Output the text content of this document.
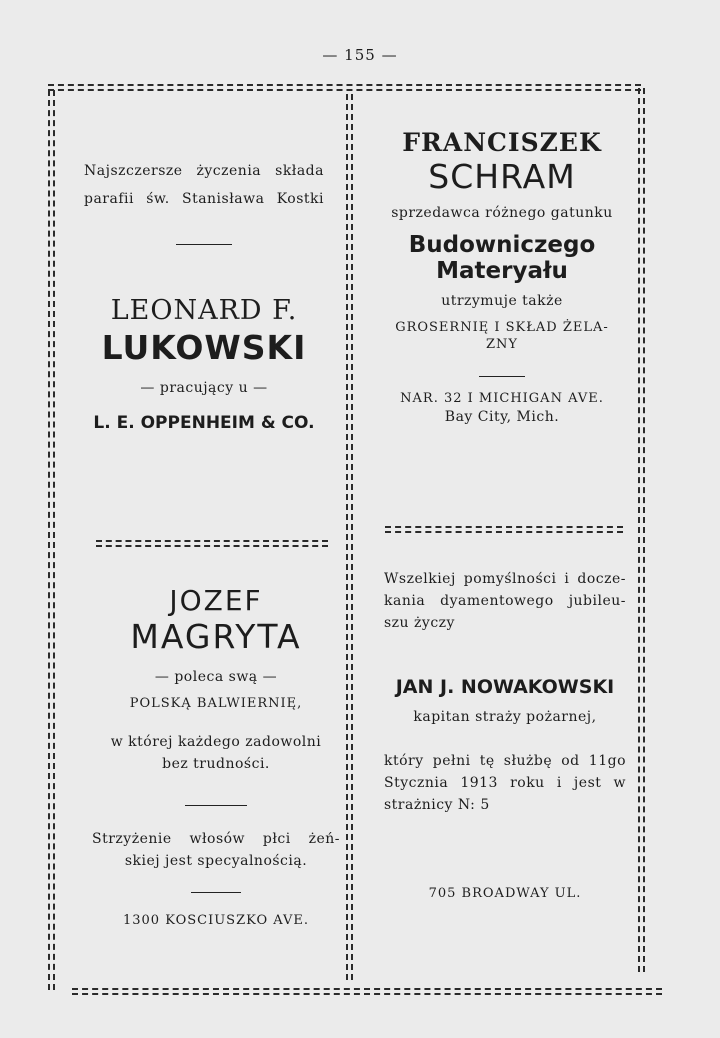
— 155 —

Najszczersze życzenia składa

parafii św. Stanisława Kostki

LEONARD F.

LUKOWSKI

— pracujący u —

L. E. OPPENHEIM & CO.

JOZEF

MAGRYTA

— poleca swą —

POLSKĄ BALWIERNIĘ,

w której każdego zadowolni

bez trudności.

Strzyżenie włosów płci żeń-

skiej jest specyalnością.

1300 KOSCIUSZKO AVE.

FRANCISZEK

SCHRAM

sprzedawca różnego gatunku

Budowniczego

Materyału

utrzymuje także

GROSERNIĘ I SKŁAD ŻELA-

ZNY

NAR. 32 I MICHIGAN AVE.

Bay City, Mich.

Wszelkiej pomyślności i docze-

kania dyamentowego jubileu-

szu życzy

JAN J. NOWAKOWSKI

kapitan straży pożarnej,

który pełni tę służbę od 11go

Stycznia 1913 roku i jest w

strażnicy N: 5

705 BROADWAY UL.
